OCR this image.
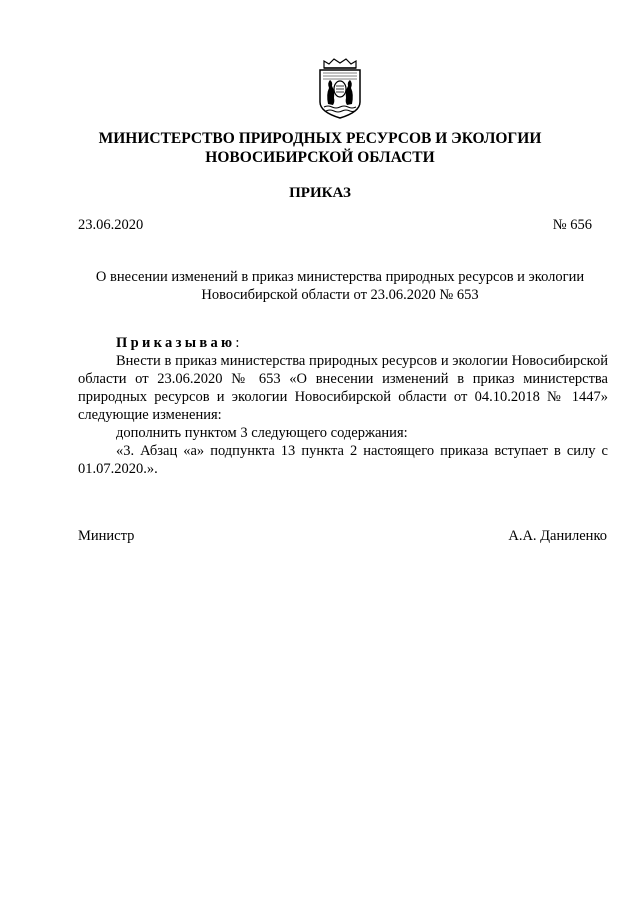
МИНИСТЕРСТВО ПРИРОДНЫХ РЕСУРСОВ И ЭКОЛОГИИ
НОВОСИБИРСКОЙ ОБЛАСТИ
ПРИКАЗ
23.06.2020	№ 656
О внесении изменений в приказ министерства природных ресурсов и экологии
Новосибирской области от 23.06.2020 № 653

Приказываю:

Внести в приказ министерства природных ресурсов и экологии Новосибирской области от 23.06.2020 № 653 «О внесении изменений в приказ министерства природных ресурсов и экологии Новосибирской области от 04.10.2018 № 1447» следующие изменения:

дополнить пунктом 3 следующего содержания:

«3. Абзац «а» подпункта 13 пункта 2 настоящего приказа вступает в силу с 01.07.2020.».

Министр	А.А. Даниленко
